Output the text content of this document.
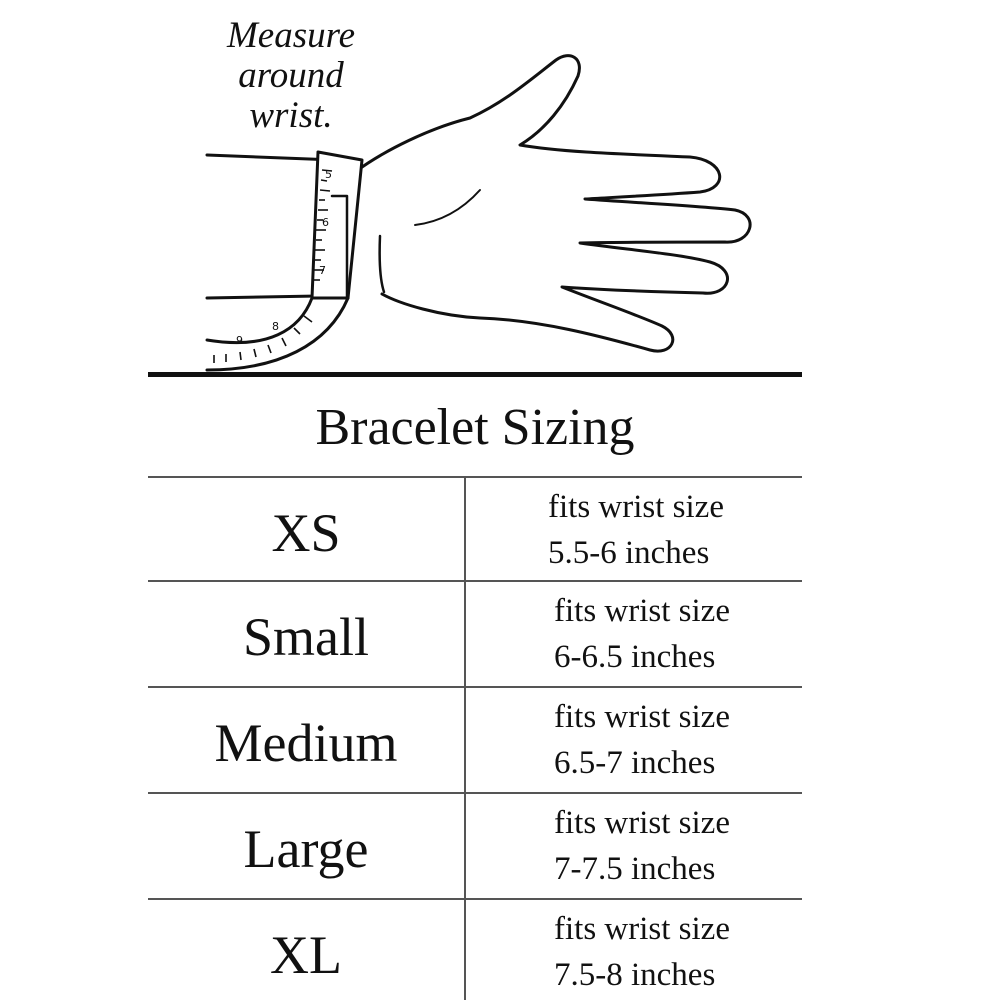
5
6
7
8
9
Measure
around
wrist.
Bracelet Sizing
XS	fits wrist size
5.5-6 inches
Small	fits wrist size
6-6.5 inches
Medium	fits wrist size
6.5-7 inches
Large	fits wrist size
7-7.5 inches
XL	fits wrist size
7.5-8 inches
